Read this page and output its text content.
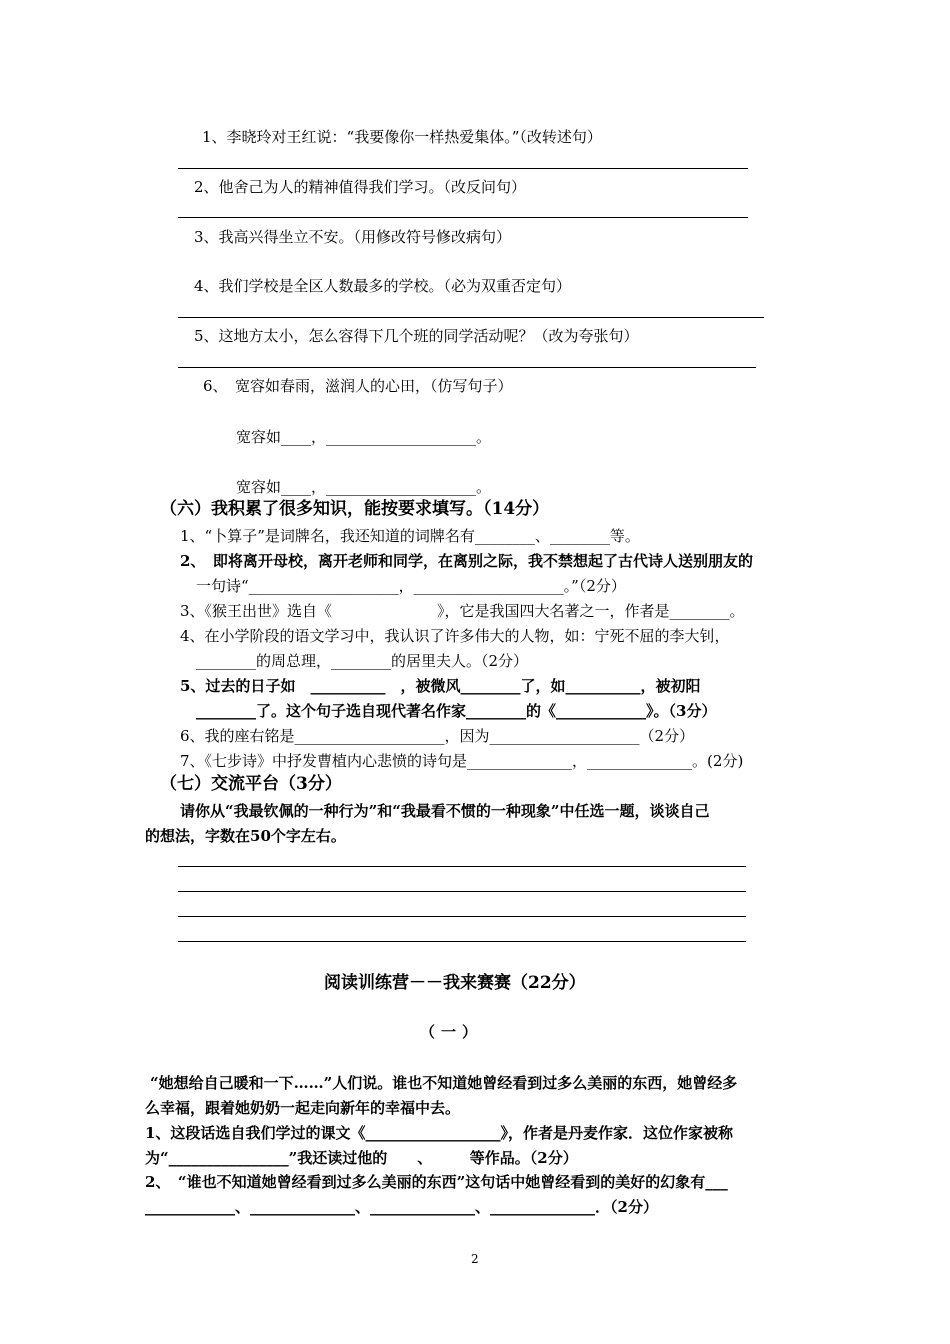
1、李晓玲对王红说：“我要像你一样热爱集体。”（改转述句）
2、他舍己为人的精神值得我们学习。（改反问句）
3、我高兴得坐立不安。（用修改符号修改病句）
4、我们学校是全区人数最多的学校。（必为双重否定句）
5、这地方太小，怎么容得下几个班的同学活动呢？（改为夸张句）
6、　宽容如春雨，滋润人的心田，（仿写句子）
宽容如____，____________________。
宽容如____，____________________。
（六）我积累了很多知识，能按要求填写。（14分）
1、“卜算子”是词牌名，我还知道的词牌名有________、________等。
2、　即将离开母校，离开老师和同学，在离别之际，我不禁想起了古代诗人送别朋友的
一句诗“____________________，____________________。”（2分）
3、《猴王出世》选自《　　　　　　　》，它是我国四大名著之一，作者是________。
4、在小学阶段的语文学习中，我认识了许多伟大的人物，如：宁死不屈的李大钊，
________的周总理，________的居里夫人。（2分）
5、过去的日子如　__________　，被微风________了，如__________，被初阳
________了。这个句子选自现代著名作家________的《____________》。（3分）
6、我的座右铭是____________________，因为____________________（2分）
7、《七步诗》中抒发曹植内心悲愤的诗句是______________，______________。(2分)
（七）交流平台（3分）
请你从“我最钦佩的一种行为”和“我最看不惯的一种现象”中任选一题，谈谈自己
的想法，字数在50个字左右。
阅读训练营－－我来赛赛（22分）
（一）
“她想给自己暖和一下……”人们说。谁也不知道她曾经看到过多么美丽的东西，她曾经多
么幸福，跟着她奶奶一起走向新年的幸福中去。
1、这段话选自我们学过的课文《__________________》，作者是丹麦作家．这位作家被称
为“________________”我还读过他的　　、　　　等作品。（2分）
2、　“谁也不知道她曾经看到过多么美丽的东西”这句话中她曾经看到的美好的幻象有___
____________、______________、______________、______________．（2分）
2
